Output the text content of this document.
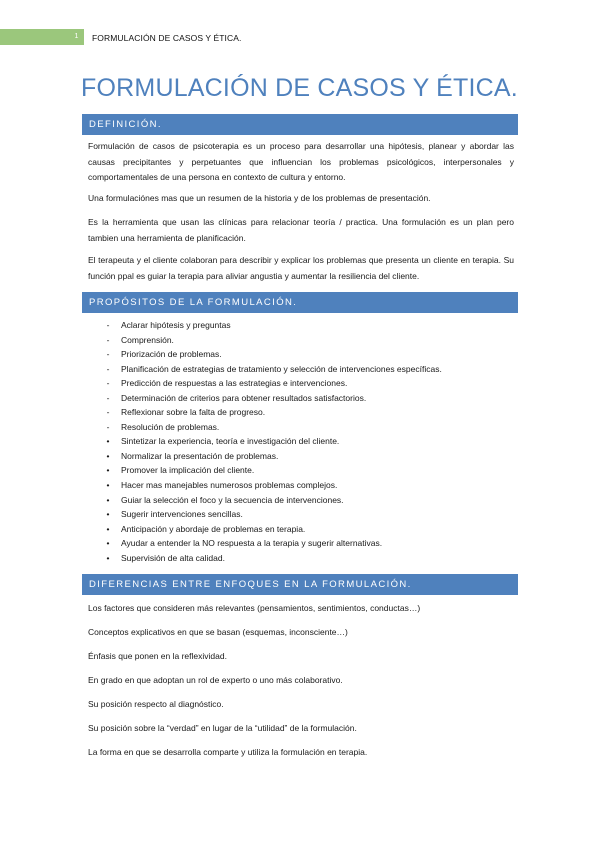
1	FORMULACIÓN DE CASOS Y ÉTICA.
FORMULACIÓN DE CASOS Y ÉTICA.
DEFINICIÓN.

Formulación de casos de psicoterapia es un proceso para desarrollar una hipótesis, planear y abordar las causas precipitantes y perpetuantes que influencian los problemas psicológicos, interpersonales y comportamentales de una persona en contexto de cultura y entorno.

Una formulaciónes mas que un resumen de la historia y de los problemas de presentación.

Es la herramienta que usan las clínicas para relacionar teoría / practica. Una formulación es un plan pero tambien una herramienta de planificación.

El terapeuta y el cliente colaboran para describir y explicar los problemas que presenta un cliente en terapia. Su función ppal es guiar la terapia para aliviar angustia y aumentar la resiliencia del cliente.

PROPÓSITOS DE LA FORMULACIÓN.
-	Aclarar hipótesis y preguntas
-	Comprensión.
-	Priorización de problemas.
-	Planificación de estrategias de tratamiento y selección de intervenciones específicas.
-	Predicción de respuestas a las estrategias e intervenciones.
-	Determinación de criterios para obtener resultados satisfactorios.
-	Reflexionar sobre la falta de progreso.
-	Resolución de problemas.
• Sintetizar la experiencia, teoría e investigación del cliente.
• Normalizar la presentación de problemas.
• Promover la implicación del cliente.
• Hacer mas manejables numerosos problemas complejos.
• Guiar la selección el foco y la secuencia de intervenciones.
• Sugerir intervenciones sencillas.
• Anticipación y abordaje de problemas en terapia.
• Ayudar a entender la NO respuesta a la terapia y sugerir alternativas.
• Supervisión de alta calidad.
DIFERENCIAS ENTRE ENFOQUES EN LA FORMULACIÓN.

Los factores que consideren más relevantes (pensamientos, sentimientos, conductas…)

Conceptos explicativos en que se basan (esquemas, inconsciente…)

Énfasis que ponen en la reflexividad.

En grado en que adoptan un rol de experto o uno más colaborativo.

Su posición respecto al diagnóstico.

Su posición sobre la “verdad” en lugar de la “utilidad” de la formulación.

La forma en que se desarrolla comparte y utiliza la formulación en terapia.
